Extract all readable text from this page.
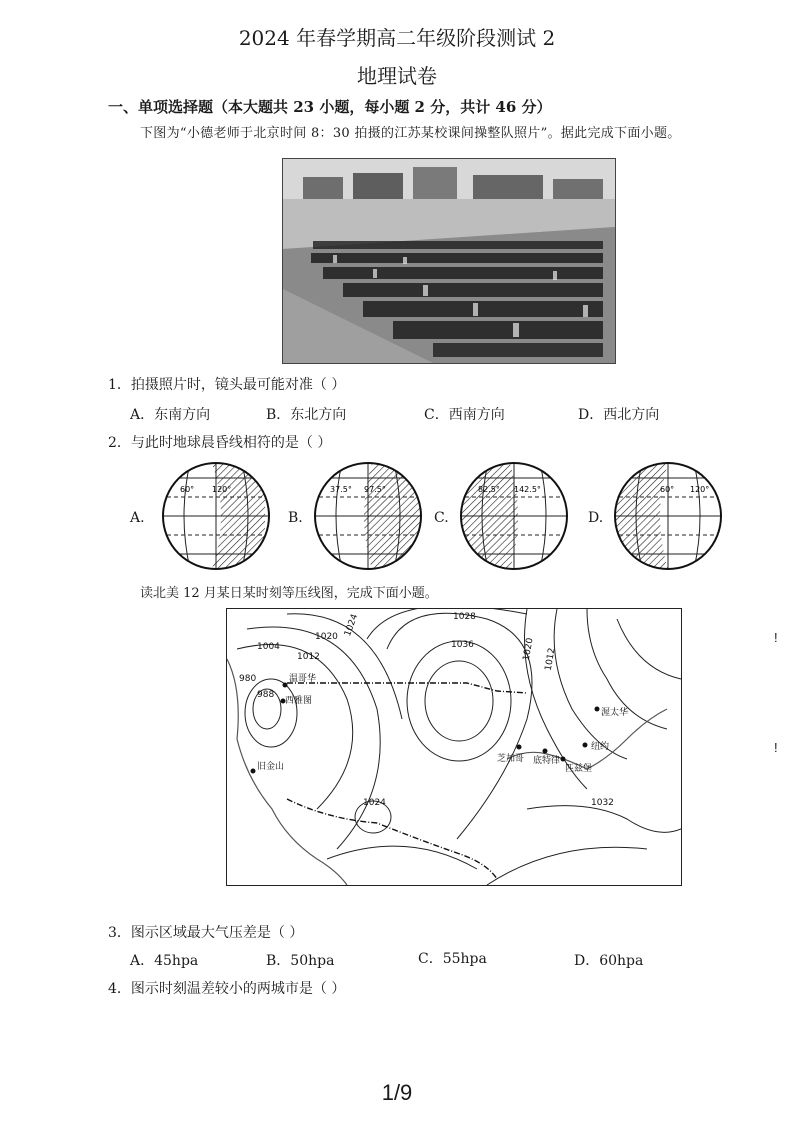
2024 年春学期高二年级阶段测试 2
地理试卷
一、单项选择题（本大题共 23 小题，每小题 2 分，共计 46 分）
下图为“小德老师于北京时间 8：30 拍摄的江苏某校课间操整队照片”。据此完成下面小题。
1．拍摄照片时，镜头最可能对准（ ）
A．东南方向	B．东北方向	C．西南方向	D．西北方向
2．与此时地球晨昏线相符的是（ ）
A.	B.	C.	D.
60° 120°	37.5° 97.5°	82.5° 142.5°	60° 120°
读北美 12 月某日某时刻等压线图，完成下面小题。
1028
1036
1020 1024
1004
1012
988
980
1020 1012
1024	1032
温哥华
西雅图
旧金山
芝加哥 底特律
匹兹堡
纽约
渥太华
!
!
3．图示区域最大气压差是（ ）
A．45hpa	B．50hpa	C．55hpa	D．60hpa
4．图示时刻温差较小的两城市是（ ）
1/9
